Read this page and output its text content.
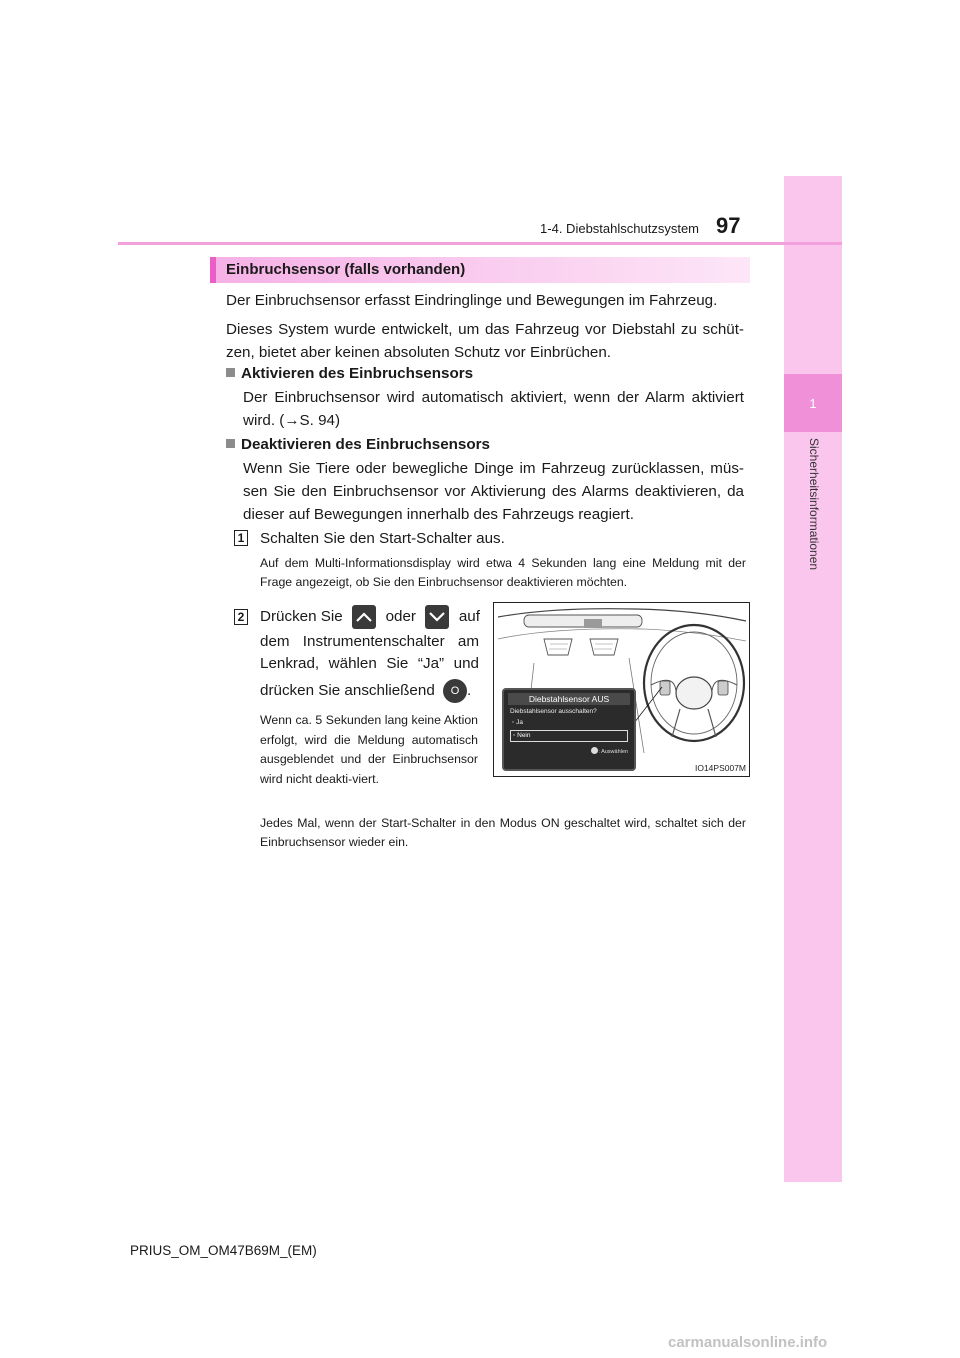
1
Sicherheitsinformationen
1-4. Diebstahlschutzsystem 97
Einbruchsensor (falls vorhanden)
Der Einbruchsensor erfasst Eindringlinge und Bewegungen im Fahrzeug.
Dieses System wurde entwickelt, um das Fahrzeug vor Diebstahl zu schüt-zen, bietet aber keinen absoluten Schutz vor Einbrüchen.
Aktivieren des Einbruchsensors
Der Einbruchsensor wird automatisch aktiviert, wenn der Alarm aktiviert
wird. (→S. 94)
Deaktivieren des Einbruchsensors
Wenn Sie Tiere oder bewegliche Dinge im Fahrzeug zurücklassen, müs-sen Sie den Einbruchsensor vor Aktivierung des Alarms deaktivieren, da dieser auf Bewegungen innerhalb des Fahrzeugs reagiert.
1 Schalten Sie den Start-Schalter aus.
Auf dem Multi-Informationsdisplay wird etwa 4 Sekunden lang eine Meldung mit der Frage angezeigt, ob Sie den Einbruchsensor deaktivieren möchten.
2 Drücken Sie	oder	auf
dem Instrumentenschalter am
Lenkrad, wählen Sie “Ja” und
drücken Sie anschließend O .
Wenn ca. 5 Sekunden lang keine Aktion erfolgt, wird die Meldung automatisch ausgeblendet und der Einbruchsensor wird nicht deakti-viert.
Diebstahlsensor AUS
Diebstahlsensor ausschalten?
◦ Ja
◦ Nein
: Auswählen
IO14PS007M
Jedes Mal, wenn der Start-Schalter in den Modus ON geschaltet wird, schaltet sich der Einbruchsensor wieder ein.
PRIUS_OM_OM47B69M_(EM)
carmanualsonline.info
